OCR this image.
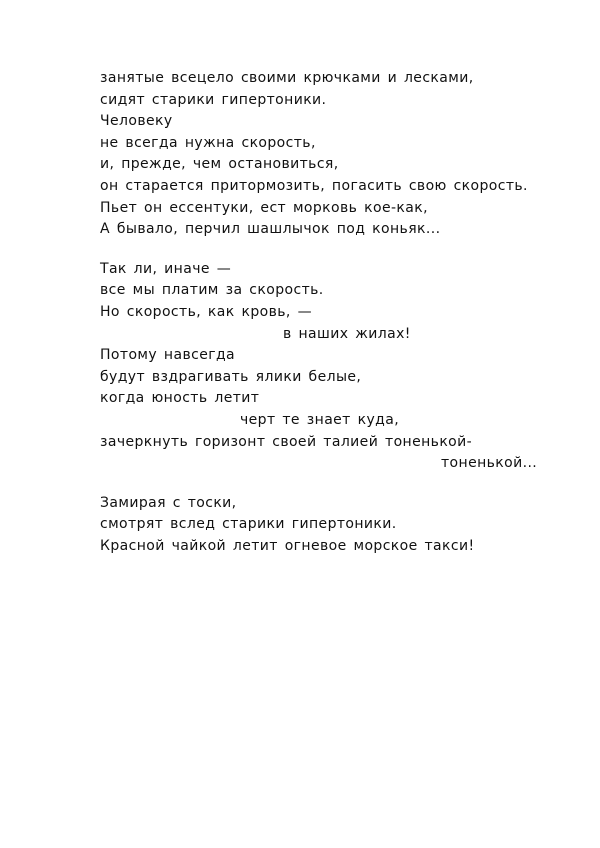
занятые всецело своими крючками и лесками,
сидят старики гипертоники.
Человеку
не всегда нужна скорость,
и, прежде, чем остановиться,
он старается притормозить, погасить свою скорость.
Пьет он ессентуки, ест морковь кое-как,
А бывало, перчил шашлычок под коньяк...
Так ли, иначе —
все мы платим за скорость.
Но скорость, как кровь, —
в наших жилах!
Потому навсегда
будут вздрагивать ялики белые,
когда юность летит
черт те знает куда,
зачеркнуть горизонт своей талией тоненькой-
тоненькой...
Замирая с тоски,
смотрят вслед старики гипертоники.
Красной чайкой летит огневое морское такси!
